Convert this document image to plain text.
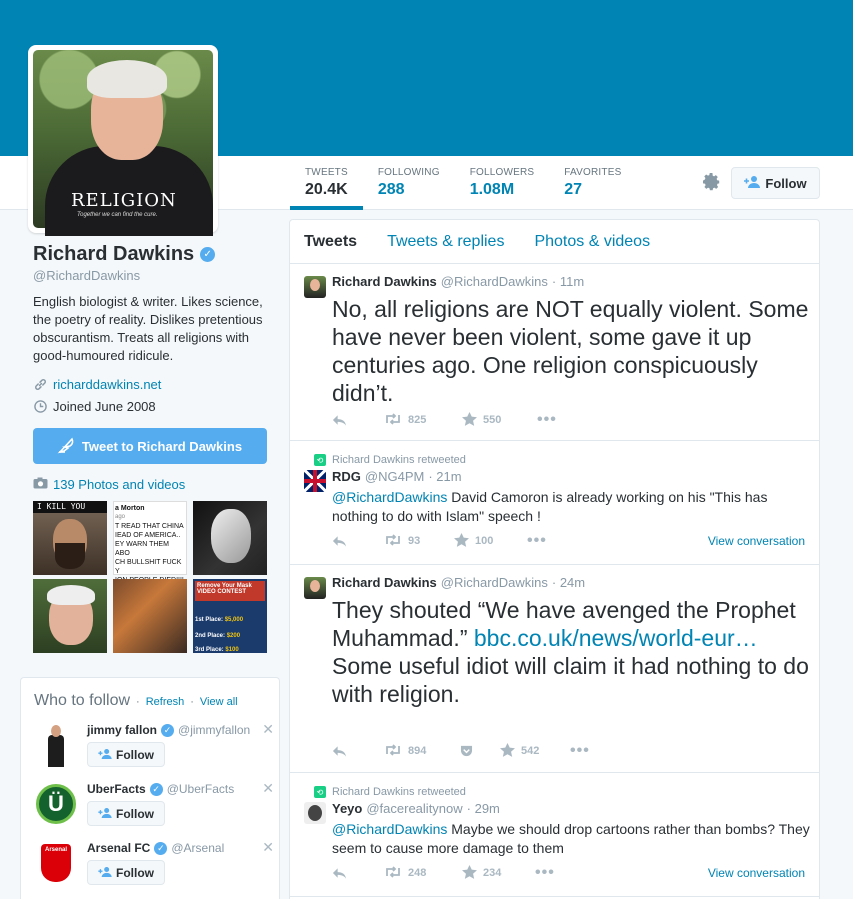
RELIGION
Together we can find the cure.
TWEETS
20.4K
FOLLOWING
288
FOLLOWERS
1.08M
FAVORITES
27	Follow
Richard Dawkins ✓
@RichardDawkins
English biologist & writer. Likes science, the poetry of reality. Dislikes pretentious obscurantism. Treats all religions with good-humoured ridicule.
richarddawkins.net
Joined June 2008
Tweet to Richard Dawkins
139 Photos and videos
I KILL YOU	a Morton
ago
T READ THAT CHINA
IEAD OF AMERICA..
EY WARN THEM ABO
CH BULLSHIT FUCK Y
Remove Your Mask VIDEO CONTEST
1st Place: $5,000
2nd Place: $200
3rd Place: $100
Who to follow · Refresh · View all
jimmy fallon ✓ @jimmyfallon ✕
Follow
Ü
UberFacts ✓ @UberFacts ✕
Follow
Arsenal	Arsenal FC ✓ @Arsenal	✕
Follow
Tweets Tweets & replies Photos & videos
Richard Dawkins @RichardDawkins · 11m
No, all religions are NOT equally violent. Some have never been violent, some gave it up centuries ago. One religion conspicuously didn’t.
825	550 •••
⟲ Richard Dawkins retweeted
RDG @NG4PM · 21m
@RichardDawkins David Camoron is already working on his "This has nothing to do with Islam" speech !
93	100 •••	View conversation
Richard Dawkins @RichardDawkins · 24m
They shouted “We have avenged the Prophet Muhammad.” bbc.co.uk/news/world-eur… Some useful idiot will claim it had nothing to do with religion.
894	542 •••
⟲ Richard Dawkins retweeted
Yeyo @facerealitynow · 29m
@RichardDawkins Maybe we should drop cartoons rather than bombs? They seem to cause more damage to them
248	234 •••	View conversation
